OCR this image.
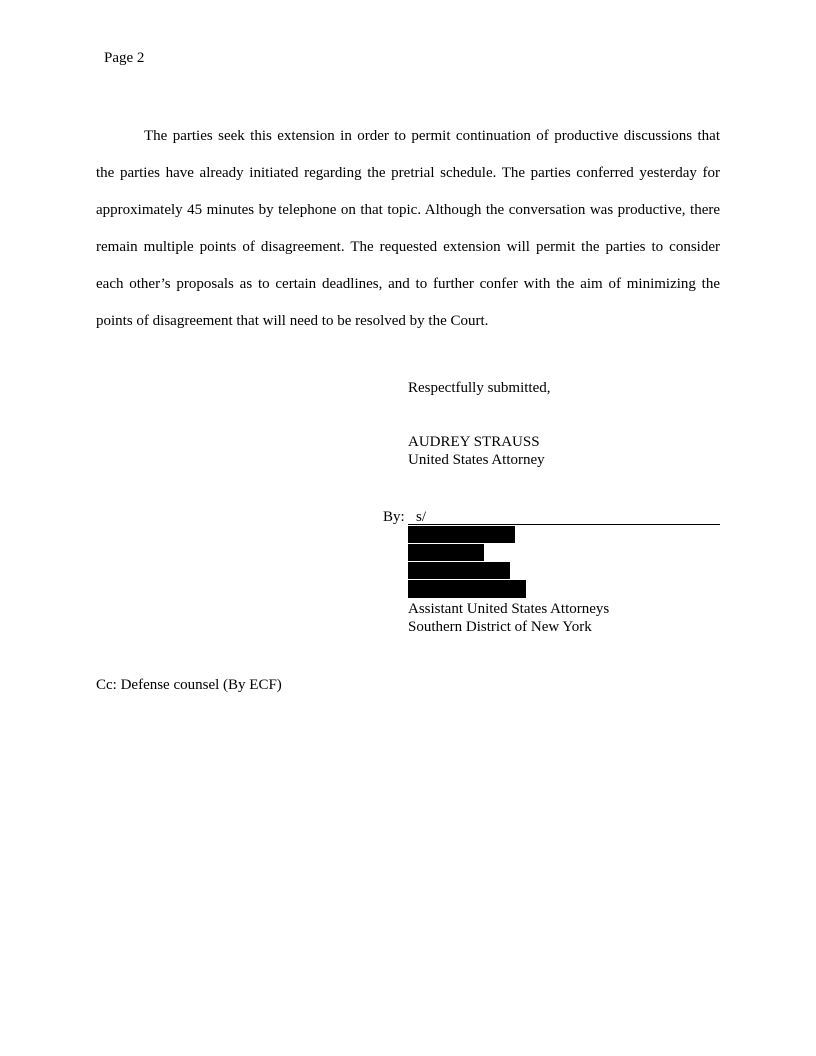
Page 2

The parties seek this extension in order to permit continuation of productive discussions that the parties have already initiated regarding the pretrial schedule. The parties conferred yesterday for approximately 45 minutes by telephone on that topic. Although the conversation was productive, there remain multiple points of disagreement. The requested extension will permit the parties to consider each other’s proposals as to certain deadlines, and to further confer with the aim of minimizing the points of disagreement that will need to be resolved by the Court.

Respectfully submitted,
AUDREY STRAUSS
United States Attorney
By:
     s/
Assistant United States Attorneys
Southern District of New York
Cc: Defense counsel (By ECF)
